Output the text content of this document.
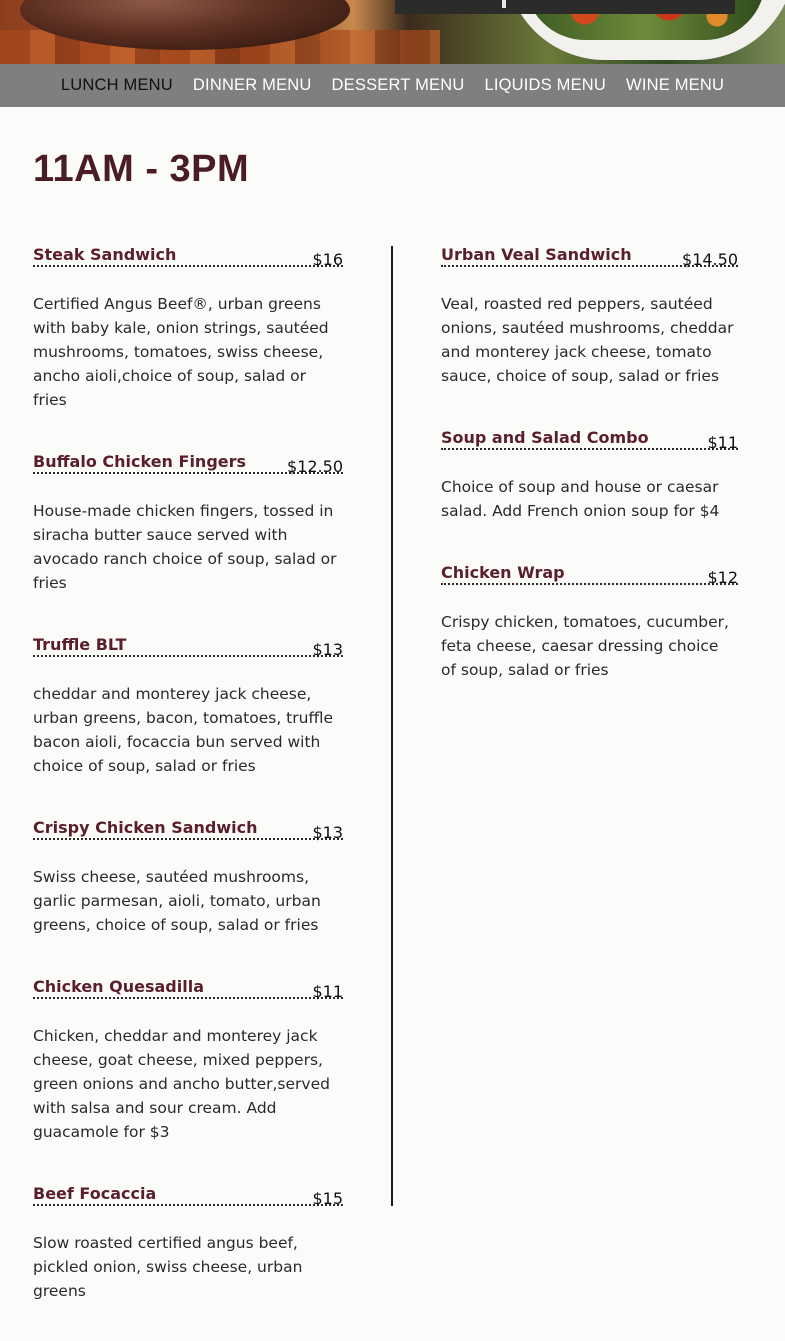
LUNCH MENU DINNER MENU DESSERT MENU LIQUIDS MENU WINE MENU
11AM - 3PM
Steak Sandwich	$16
Certified Angus Beef®, urban greens with baby kale, onion strings, sautéed mushrooms, tomatoes, swiss cheese, ancho aioli,choice of soup, salad or fries
Buffalo Chicken Fingers	$12.50
House-made chicken fingers, tossed in siracha butter sauce served with avocado ranch choice of soup, salad or fries
Truffle BLT	$13
cheddar and monterey jack cheese, urban greens, bacon, tomatoes, truffle bacon aioli, focaccia bun served with choice of soup, salad or fries
Crispy Chicken Sandwich	$13
Swiss cheese, sautéed mushrooms, garlic parmesan, aioli, tomato, urban greens, choice of soup, salad or fries
Chicken Quesadilla	$11
Chicken, cheddar and monterey jack cheese, goat cheese, mixed peppers, green onions and ancho butter,served with salsa and sour cream. Add guacamole for $3
Beef Focaccia	$15
Slow roasted certified angus beef, pickled onion, swiss cheese, urban greens
Urban Veal Sandwich	$14.50
Veal, roasted red peppers, sautéed onions, sautéed mushrooms, cheddar and monterey jack cheese, tomato sauce, choice of soup, salad or fries
Soup and Salad Combo	$11
Choice of soup and house or caesar salad. Add French onion soup for $4
Chicken Wrap	$12
Crispy chicken, tomatoes, cucumber, feta cheese, caesar dressing choice of soup, salad or fries
